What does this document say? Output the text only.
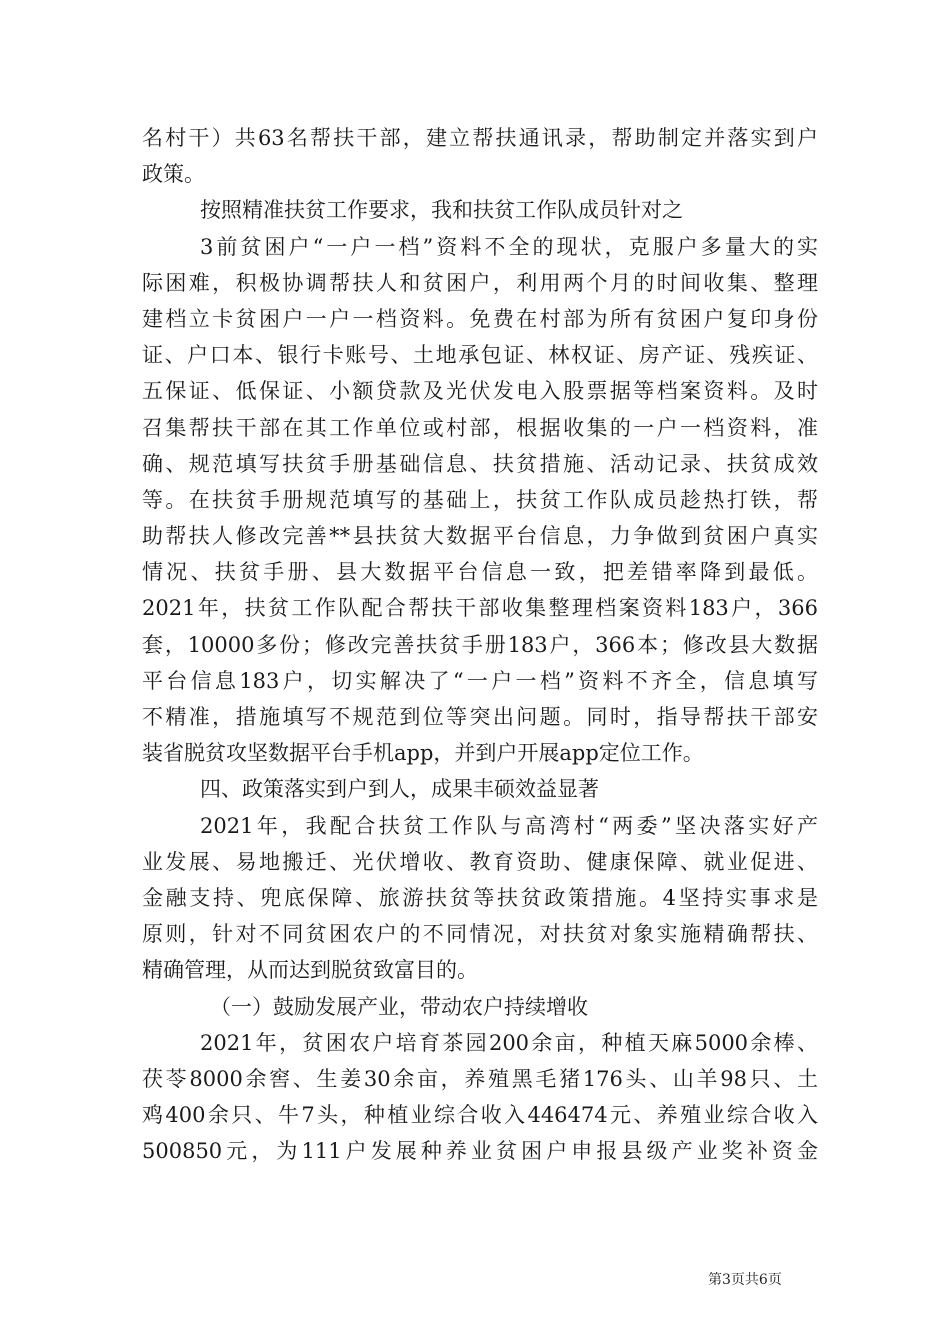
名村干）共63名帮扶干部，建立帮扶通讯录，帮助制定并落实到户
政策。
按照精准扶贫工作要求，我和扶贫工作队成员针对之
3前贫困户“一户一档”资料不全的现状，克服户多量大的实
际困难，积极协调帮扶人和贫困户，利用两个月的时间收集、整理
建档立卡贫困户一户一档资料。免费在村部为所有贫困户复印身份
证、户口本、银行卡账号、土地承包证、林权证、房产证、残疾证、
五保证、低保证、小额贷款及光伏发电入股票据等档案资料。及时
召集帮扶干部在其工作单位或村部，根据收集的一户一档资料，准
确、规范填写扶贫手册基础信息、扶贫措施、活动记录、扶贫成效
等。在扶贫手册规范填写的基础上，扶贫工作队成员趁热打铁，帮
助帮扶人修改完善**县扶贫大数据平台信息，力争做到贫困户真实
情况、扶贫手册、县大数据平台信息一致，把差错率降到最低。
2021年，扶贫工作队配合帮扶干部收集整理档案资料183户，366
套，10000多份；修改完善扶贫手册183户，366本；修改县大数据
平台信息183户，切实解决了“一户一档”资料不齐全，信息填写
不精准，措施填写不规范到位等突出问题。同时，指导帮扶干部安
装省脱贫攻坚数据平台手机app，并到户开展app定位工作。
四、政策落实到户到人，成果丰硕效益显著
2021年，我配合扶贫工作队与高湾村“两委”坚决落实好产
业发展、易地搬迁、光伏增收、教育资助、健康保障、就业促进、
金融支持、兜底保障、旅游扶贫等扶贫政策措施。4坚持实事求是
原则，针对不同贫困农户的不同情况，对扶贫对象实施精确帮扶、
精确管理，从而达到脱贫致富目的。
（一）鼓励发展产业，带动农户持续增收
2021年，贫困农户培育茶园200余亩，种植天麻5000余棒、
茯苓8000余窖、生姜30余亩，养殖黑毛猪176头、山羊98只、土
鸡400余只、牛7头，种植业综合收入446474元、养殖业综合收入
500850元，为111户发展种养业贫困户申报县级产业奖补资金
第3页共6页
